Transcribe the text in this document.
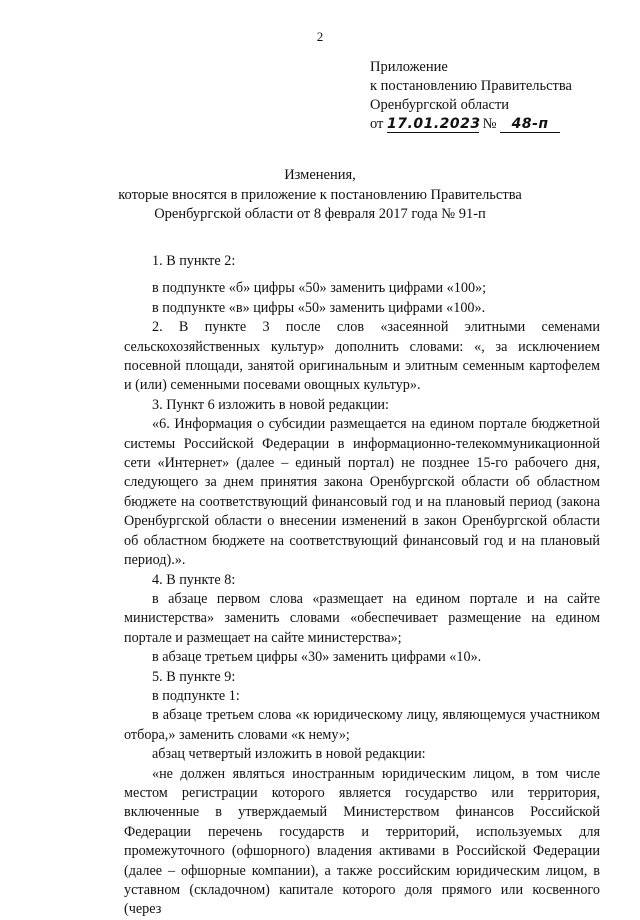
2
Приложение
к постановлению Правительства
Оренбургской области
от 17.01.2023 № 48-п
Изменения,
которые вносятся в приложение к постановлению Правительства
Оренбургской области от 8 февраля 2017 года № 91-п

1. В пункте 2:

в подпункте «б» цифры «50» заменить цифрами «100»;

в подпункте «в» цифры «50» заменить цифрами «100».

2. В пункте 3 после слов «засеянной элитными семенами сельскохозяйственных культур» дополнить словами: «, за исключением посевной площади, занятой оригинальным и элитным семенным картофелем и (или) семенными посевами овощных культур».

3. Пункт 6 изложить в новой редакции:

«6. Информация о субсидии размещается на едином портале бюджетной системы Российской Федерации в информационно-телекоммуникационной сети «Интернет» (далее – единый портал) не позднее 15-го рабочего дня, следующего за днем принятия закона Оренбургской области об областном бюджете на соответствующий финансовый год и на плановый период (закона Оренбургской области о внесении изменений в закон Оренбургской области об областном бюджете на соответствующий финансовый год и на плановый период).».

4. В пункте 8:

в абзаце первом слова «размещает на едином портале и на сайте министерства» заменить словами «обеспечивает размещение на едином портале и размещает на сайте министерства»;

в абзаце третьем цифры «30» заменить цифрами «10».

5. В пункте 9:

в подпункте 1:

в абзаце третьем слова «к юридическому лицу, являющемуся участником отбора,» заменить словами «к нему»;

абзац четвертый изложить в новой редакции:

«не должен являться иностранным юридическим лицом, в том числе местом регистрации которого является государство или территория, включенные в утверждаемый Министерством финансов Российской Федерации перечень государств и территорий, используемых для промежуточного (офшорного) владения активами в Российской Федерации (далее – офшорные компании), а также российским юридическим лицом, в уставном (складочном) капитале которого доля прямого или косвенного (через
